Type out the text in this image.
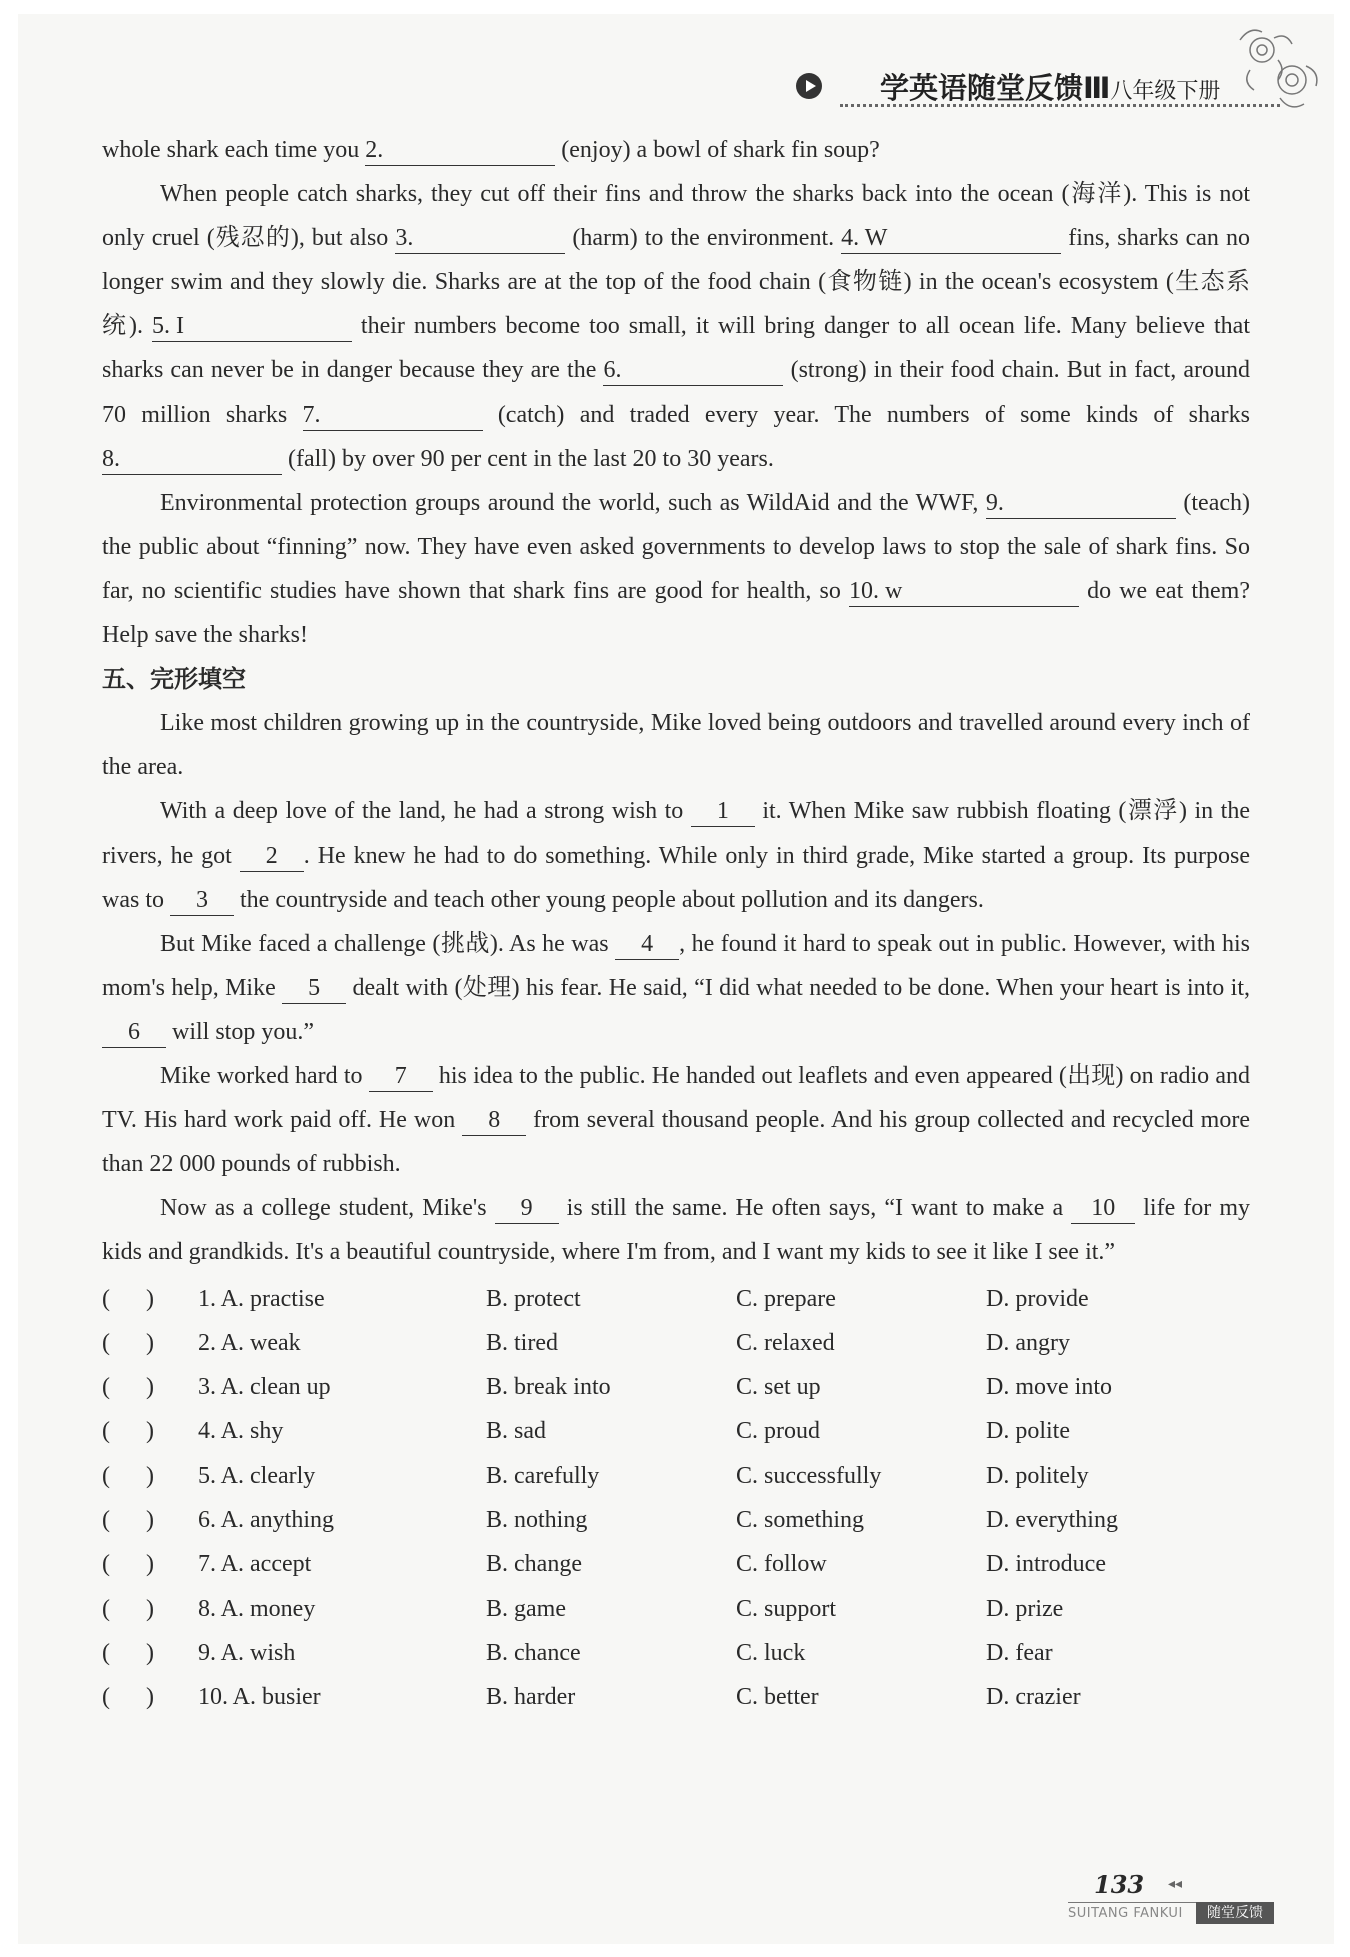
学英语随堂反馈Ⅲ八年级下册

whole shark each time you 2.	(enjoy) a bowl of shark fin soup?

When people catch sharks, they cut off their fins and throw the sharks back into the ocean (海洋). This is not only cruel (残忍的), but also 3.	(harm) to the environment. 4. W	fins, sharks can no longer swim and they slowly die. Sharks are at the top of the food chain (食物链) in the ocean's ecosystem (生态系统). 5. I	their numbers become too small, it will bring danger to all ocean life. Many believe that sharks can never be in danger because they are the 6.	(strong) in their food chain. But in fact, around 70 million sharks 7.	(catch) and traded every year. The numbers of some kinds of sharks 8.	(fall) by over 90 per cent in the last 20 to 30 years.

Environmental protection groups around the world, such as WildAid and the WWF, 9.	(teach) the public about “finning” now. They have even asked governments to develop laws to stop the sale of shark fins. So far, no scientific studies have shown that shark fins are good for health, so 10. w	do we eat them? Help save the sharks!

五、完形填空

Like most children growing up in the countryside, Mike loved being outdoors and travelled around every inch of the area.

With a deep love of the land, he had a strong wish to 1 it. When Mike saw rubbish floating (漂浮) in the rivers, he got 2 . He knew he had to do something. While only in third grade, Mike started a group. Its purpose was to 3 the countryside and teach other young people about pollution and its dangers.

But Mike faced a challenge (挑战). As he was 4 , he found it hard to speak out in public. However, with his mom's help, Mike 5 dealt with (处理) his fear. He said, “I did what needed to be done. When your heart is into it, 6 will stop you.”

Mike worked hard to 7 his idea to the public. He handed out leaflets and even appeared (出现) on radio and TV. His hard work paid off. He won 8 from several thousand people. And his group collected and recycled more than 22 000 pounds of rubbish.

Now as a college student, Mike's 9 is still the same. He often says, “I want to make a 10 life for my kids and grandkids. It's a beautiful countryside, where I'm from, and I want my kids to see it like I see it.”

(      )	1. A. practise	B. protect	C. prepare	D. provide
(      )	2. A. weak	B. tired	C. relaxed	D. angry
(      )	3. A. clean up	B. break into	C. set up	D. move into
(      )	4. A. shy	B. sad	C. proud	D. polite
(      )	5. A. clearly	B. carefully	C. successfully	D. politely
(      )	6. A. anything	B. nothing	C. something	D. everything
(      )	7. A. accept	B. change	C. follow	D. introduce
(      )	8. A. money	B. game	C. support	D. prize
(      )	9. A. wish	B. chance	C. luck	D. fear
(      )	10. A. busier	B. harder	C. better	D. crazier
133 ◂◂
SUITANG FANKUI	随堂反馈
